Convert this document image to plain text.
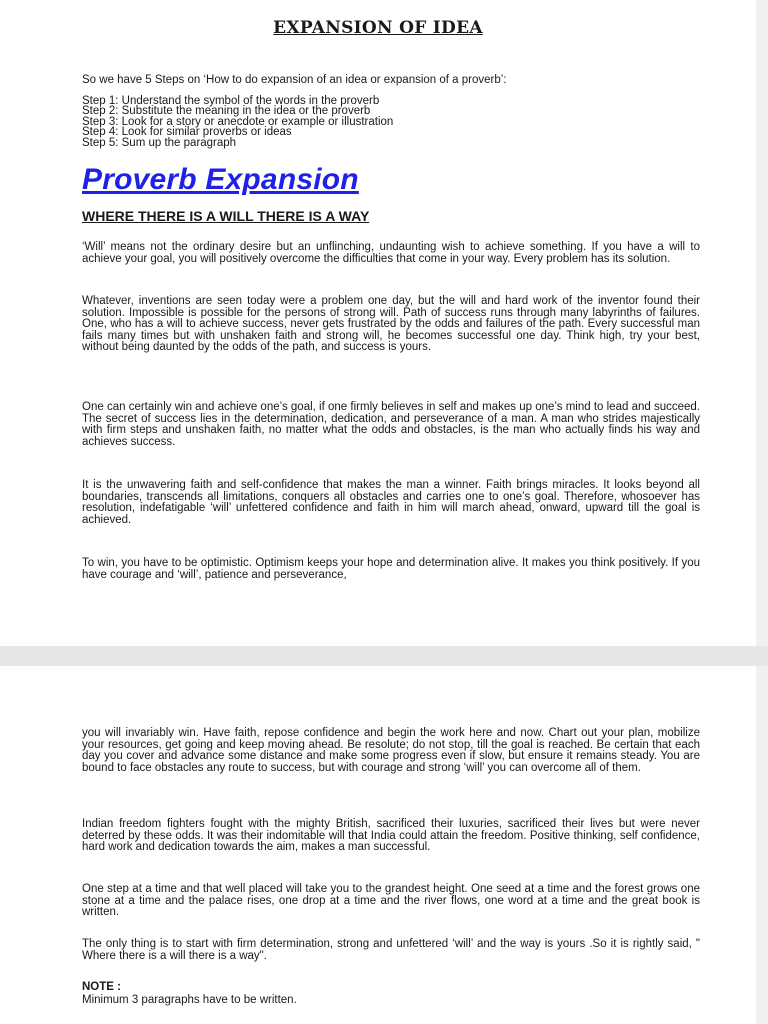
EXPANSION OF IDEA
So we have 5 Steps on ‘How to do expansion of an idea or expansion of a proverb’:
Step 1: Understand the symbol of the words in the proverb
Step 2: Substitute the meaning in the idea or the proverb
Step 3: Look for a story or anecdote or example or illustration
Step 4: Look for similar proverbs or ideas
Step 5: Sum up the paragraph
Proverb Expansion
WHERE THERE IS A WILL THERE IS A WAY

‘Will’ means not the ordinary desire but an unflinching, undaunting wish to achieve something. If you have a will to achieve your goal, you will positively overcome the difficulties that come in your way. Every problem has its solution.

Whatever, inventions are seen today were a problem one day, but the will and hard work of the inventor found their solution. Impossible is possible for the persons of strong will. Path of success runs through many labyrinths of failures. One, who has a will to achieve success, never gets frustrated by the odds and failures of the path. Every successful man fails many times but with unshaken faith and strong will, he becomes successful one day. Think high, try your best, without being daunted by the odds of the path, and success is yours.

One can certainly win and achieve one’s goal, if one firmly believes in self and makes up one’s mind to lead and succeed. The secret of success lies in the determination, dedication, and perseverance of a man. A man who strides majestically with firm steps and unshaken faith, no matter what the odds and obstacles, is the man who actually finds his way and achieves success.

It is the unwavering faith and self-confidence that makes the man a winner. Faith brings miracles. It looks beyond all boundaries, transcends all limitations, conquers all obstacles and carries one to one’s goal. Therefore, whosoever has resolution, indefatigable ‘will’ unfettered confidence and faith in him will march ahead, onward, upward till the goal is achieved.

To win, you have to be optimistic. Optimism keeps your hope and determination alive. It makes you think positively. If you have courage and ‘will’, patience and perseverance,

you will invariably win. Have faith, repose confidence and begin the work here and now. Chart out your plan, mobilize your resources, get going and keep moving ahead. Be resolute; do not stop, till the goal is reached. Be certain that each day you cover and advance some distance and make some progress even if slow, but ensure it remains steady. You are bound to face obstacles any route to success, but with courage and strong ‘will’ you can overcome all of them.

Indian freedom fighters fought with the mighty British, sacrificed their luxuries, sacrificed their lives but were never deterred by these odds. It was their indomitable will that India could attain the freedom. Positive thinking, self confidence, hard work and dedication towards the aim, makes a man successful.

One step at a time and that well placed will take you to the grandest height. One seed at a time and the forest grows one stone at a time and the palace rises, one drop at a time and the river flows, one word at a time and the great book is written.

The only thing is to start with firm determination, strong and unfettered ‘will’ and the way is yours .So it is rightly said, " Where there is a will there is a way".

NOTE :
Minimum 3 paragraphs have to be written.
